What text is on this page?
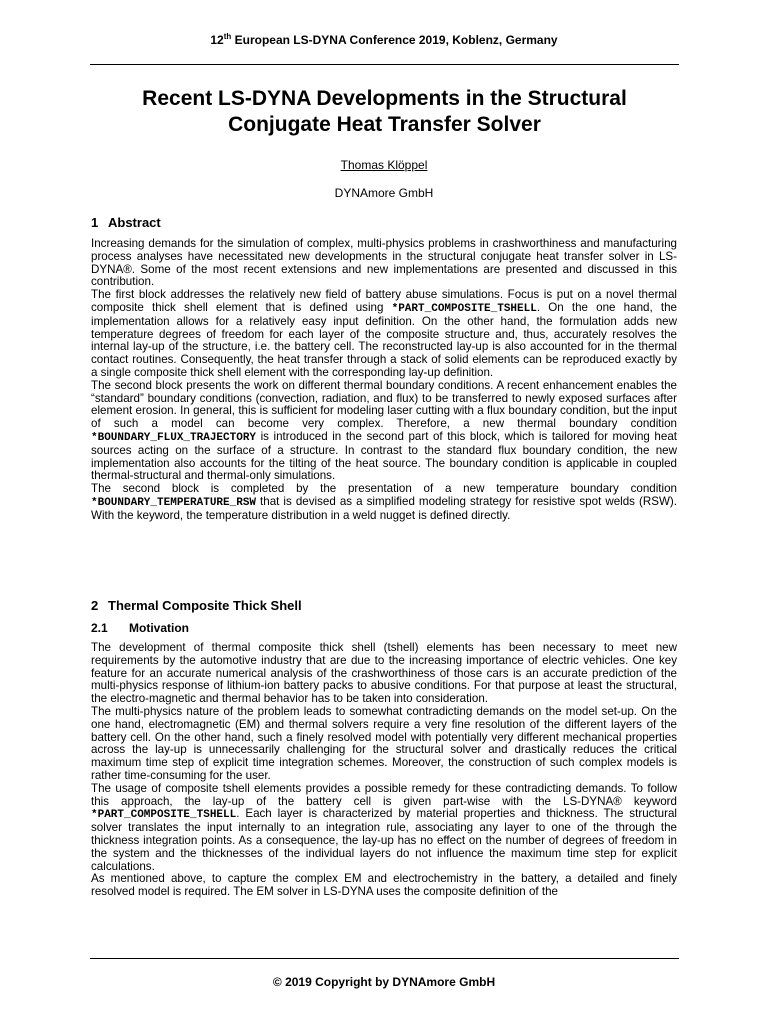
12th European LS-DYNA Conference 2019, Koblenz, Germany
Recent LS-DYNA Developments in the Structural
Conjugate Heat Transfer Solver
Thomas Klöppel
DYNAmore GmbH
1 Abstract

Increasing demands for the simulation of complex, multi-physics problems in crashworthiness and manufacturing process analyses have necessitated new developments in the structural conjugate heat transfer solver in LS-DYNA®. Some of the most recent extensions and new implementations are presented and discussed in this contribution.

The first block addresses the relatively new field of battery abuse simulations. Focus is put on a novel thermal composite thick shell element that is defined using *PART_COMPOSITE_TSHELL. On the one hand, the implementation allows for a relatively easy input definition. On the other hand, the formulation adds new temperature degrees of freedom for each layer of the composite structure and, thus, accurately resolves the internal lay-up of the structure, i.e. the battery cell. The reconstructed lay-up is also accounted for in the thermal contact routines. Consequently, the heat transfer through a stack of solid elements can be reproduced exactly by a single composite thick shell element with the corresponding lay-up definition.

The second block presents the work on different thermal boundary conditions. A recent enhancement enables the “standard” boundary conditions (convection, radiation, and flux) to be transferred to newly exposed surfaces after element erosion. In general, this is sufficient for modeling laser cutting with a flux boundary condition, but the input of such a model can become very complex. Therefore, a new thermal boundary condition *BOUNDARY_FLUX_TRAJECTORY is introduced in the second part of this block, which is tailored for moving heat sources acting on the surface of a structure. In contrast to the standard flux boundary condition, the new implementation also accounts for the tilting of the heat source. The boundary condition is applicable in coupled thermal-structural and thermal-only simulations.

The second block is completed by the presentation of a new temperature boundary condition *BOUNDARY_TEMPERATURE_RSW that is devised as a simplified modeling strategy for resistive spot welds (RSW). With the keyword, the temperature distribution in a weld nugget is defined directly.

2 Thermal Composite Thick Shell
2.1 Motivation

The development of thermal composite thick shell (tshell) elements has been necessary to meet new requirements by the automotive industry that are due to the increasing importance of electric vehicles. One key feature for an accurate numerical analysis of the crashworthiness of those cars is an accurate prediction of the multi-physics response of lithium-ion battery packs to abusive conditions. For that purpose at least the structural, the electro-magnetic and thermal behavior has to be taken into consideration.

The multi-physics nature of the problem leads to somewhat contradicting demands on the model set-up. On the one hand, electromagnetic (EM) and thermal solvers require a very fine resolution of the different layers of the battery cell. On the other hand, such a finely resolved model with potentially very different mechanical properties across the lay-up is unnecessarily challenging for the structural solver and drastically reduces the critical maximum time step of explicit time integration schemes. Moreover, the construction of such complex models is rather time-consuming for the user.

The usage of composite tshell elements provides a possible remedy for these contradicting demands. To follow this approach, the lay-up of the battery cell is given part-wise with the LS-DYNA® keyword *PART_COMPOSITE_TSHELL. Each layer is characterized by material properties and thickness. The structural solver translates the input internally to an integration rule, associating any layer to one of the through the thickness integration points. As a consequence, the lay-up has no effect on the number of degrees of freedom in the system and the thicknesses of the individual layers do not influence the maximum time step for explicit calculations.

As mentioned above, to capture the complex EM and electrochemistry in the battery, a detailed and finely resolved model is required. The EM solver in LS-DYNA uses the composite definition of the

© 2019 Copyright by DYNAmore GmbH
